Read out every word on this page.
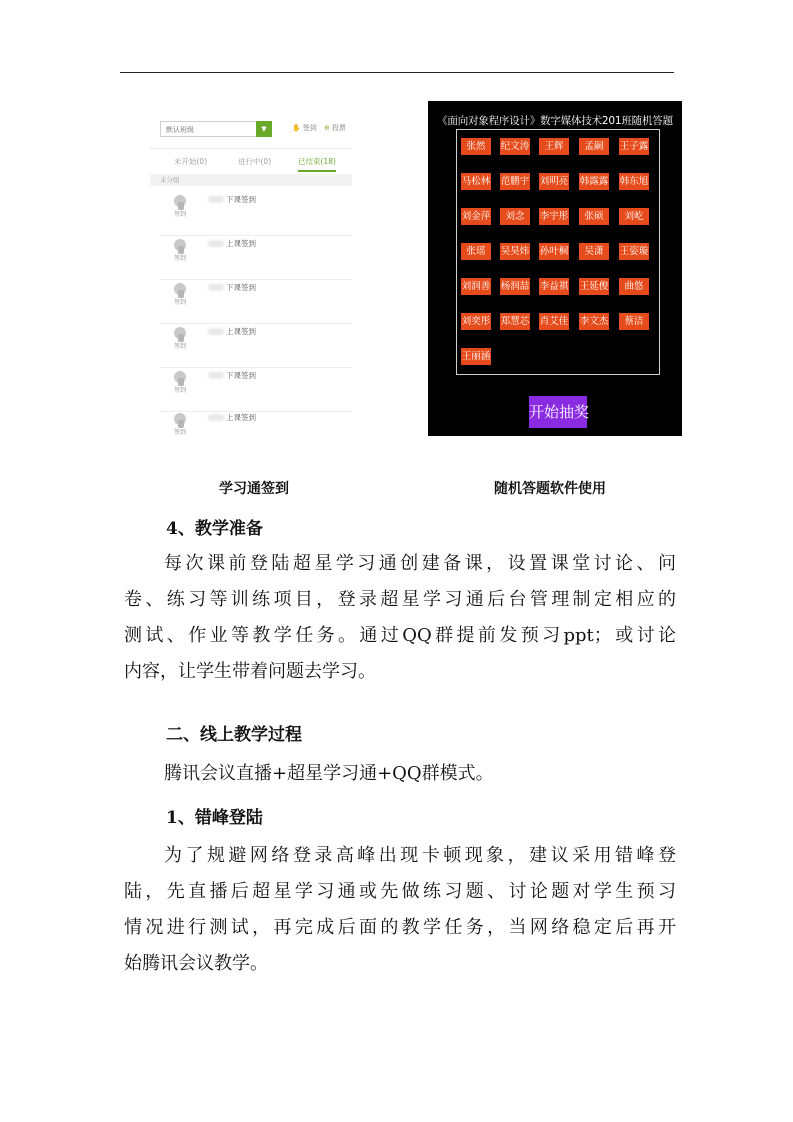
默认班级	▼	✋ 签到 ⊕ 投票
未开始(0)	进行中(0)	已结束(18)
未分组
签到
下课签到
签到
上课签到
签到
下课签到
签到
上课签到
签到
下课签到
签到
上课签到
《面向对象程序设计》数字媒体技术201班随机答题
张然	纪文涛	王辉	孟嗣	王子露
马松林 范鹏宇 刘明亮 韩露露 韩东旭
刘金萍	刘念	李宇彤	张硕	刘屹
张瑶	吴昊炜 孙叶桐	吴潇	王姿璇
刘润善 杨润喆 李益祺 王延俊	曲悠
刘奕彤 郑慧芯 肖艾佳 李文杰	蔡洁
王丽涵
开始抽奖
学习通签到	随机答题软件使用
4、教学准备
每次课前登陆超星学习通创建备课，设置课堂讨论、问
卷、练习等训练项目，登录超星学习通后台管理制定相应的
测试、作业等教学任务。通过QQ群提前发预习ppt；或讨论
内容，让学生带着问题去学习。
二、线上教学过程
腾讯会议直播+超星学习通+QQ群模式。
1、错峰登陆
为了规避网络登录高峰出现卡顿现象，建议采用错峰登
陆，先直播后超星学习通或先做练习题、讨论题对学生预习
情况进行测试，再完成后面的教学任务，当网络稳定后再开
始腾讯会议教学。
